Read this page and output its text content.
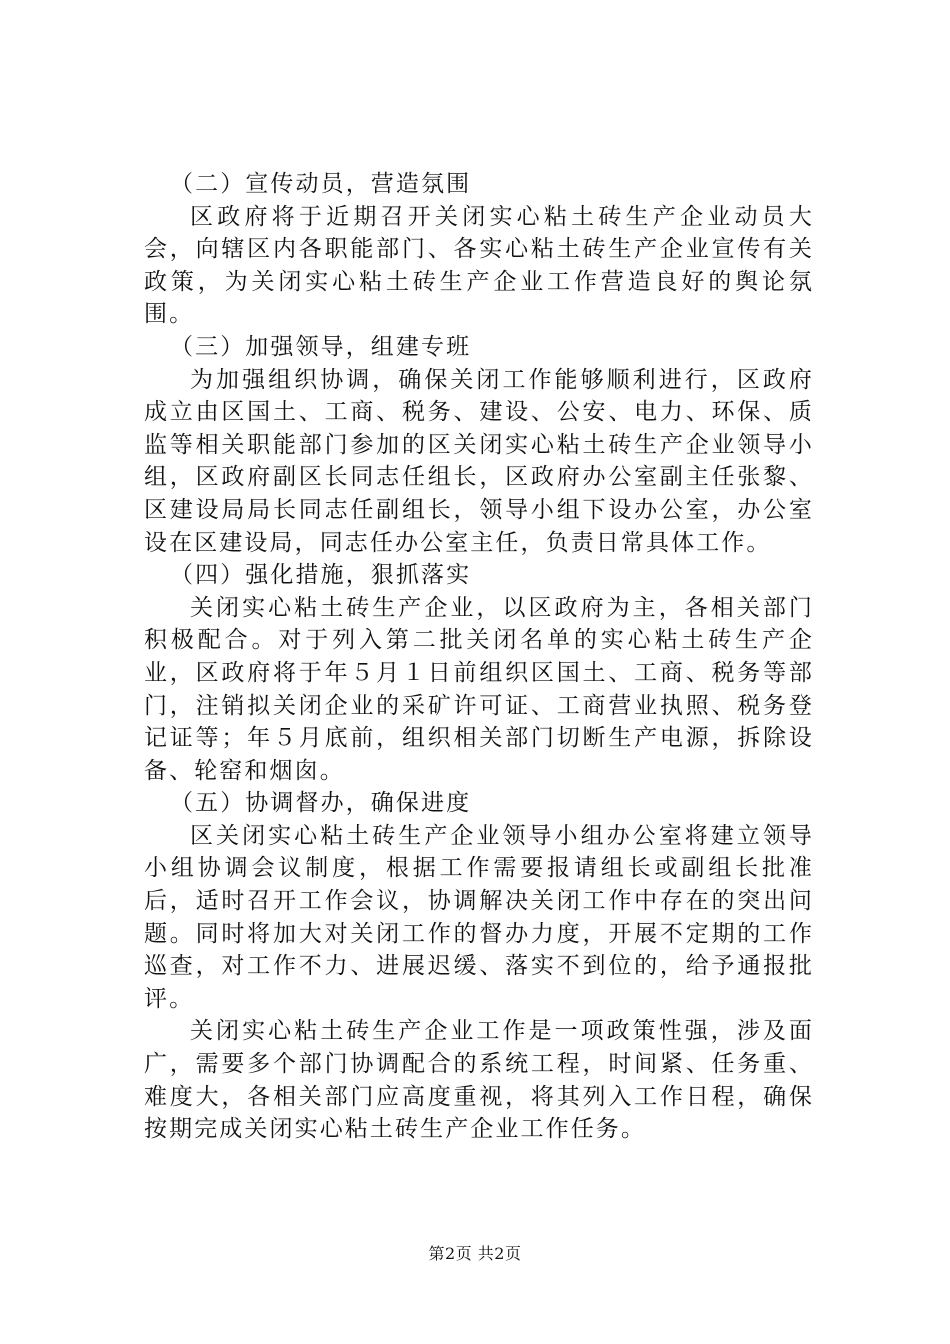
（二）宣传动员，营造氛围

区政府将于近期召开关闭实心粘土砖生产企业动员大会，向辖区内各职能部门、各实心粘土砖生产企业宣传有关政策，为关闭实心粘土砖生产企业工作营造良好的舆论氛围。

（三）加强领导，组建专班

为加强组织协调，确保关闭工作能够顺利进行，区政府成立由区国土、工商、税务、建设、公安、电力、环保、质监等相关职能部门参加的区关闭实心粘土砖生产企业领导小组，区政府副区长同志任组长，区政府办公室副主任张黎、区建设局局长同志任副组长，领导小组下设办公室，办公室设在区建设局，同志任办公室主任，负责日常具体工作。

（四）强化措施，狠抓落实

关闭实心粘土砖生产企业，以区政府为主，各相关部门积极配合。对于列入第二批关闭名单的实心粘土砖生产企业，区政府将于年５月１日前组织区国土、工商、税务等部门，注销拟关闭企业的采矿许可证、工商营业执照、税务登记证等；年５月底前，组织相关部门切断生产电源，拆除设备、轮窑和烟囱。

（五）协调督办，确保进度

区关闭实心粘土砖生产企业领导小组办公室将建立领导小组协调会议制度，根据工作需要报请组长或副组长批准后，适时召开工作会议，协调解决关闭工作中存在的突出问题。同时将加大对关闭工作的督办力度，开展不定期的工作巡查，对工作不力、进展迟缓、落实不到位的，给予通报批评。

关闭实心粘土砖生产企业工作是一项政策性强，涉及面广，需要多个部门协调配合的系统工程，时间紧、任务重、难度大，各相关部门应高度重视，将其列入工作日程，确保按期完成关闭实心粘土砖生产企业工作任务。

第2页 共2页
